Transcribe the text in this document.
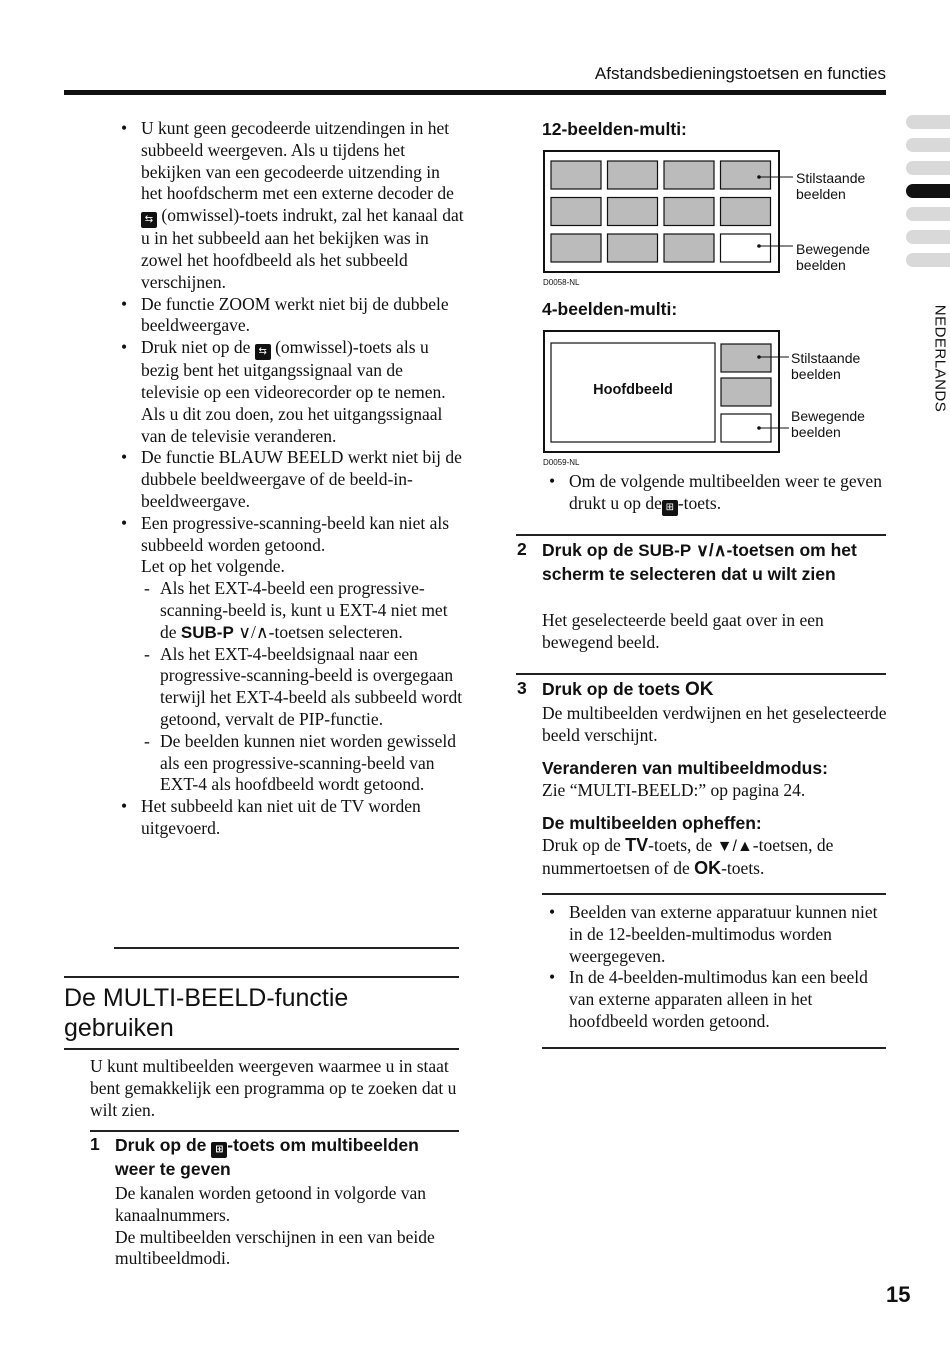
Afstandsbedieningstoetsen en functies
NEDERLANDS
• U kunt geen gecodeerde uitzendingen in het subbeeld weergeven. Als u tijdens het bekijken van een gecodeerde uitzending in het hoofdscherm met een externe decoder de ⇆ (omwissel)-toets indrukt, zal het kanaal dat u in het subbeeld aan het bekijken was in zowel het hoofdbeeld als het subbeeld verschijnen.
• De functie ZOOM werkt niet bij de dubbele beeldweergave.
• Druk niet op de ⇆ (omwissel)-toets als u bezig bent het uitgangssignaal van de televisie op een videorecorder op te nemen. Als u dit zou doen, zou het uitgangssignaal van de televisie veranderen.
• De functie BLAUW BEELD werkt niet bij de dubbele beeldweergave of de beeld-in-beeldweergave.
• Een progressive-scanning-beeld kan niet als subbeeld worden getoond.
Let op het volgende.
- Als het EXT-4-beeld een progressive-scanning-beeld is, kunt u EXT-4 niet met de SUB-P ∨/∧-toetsen selecteren.
- Als het EXT-4-beeldsignaal naar een progressive-scanning-beeld is overgegaan terwijl het EXT-4-beeld als subbeeld wordt getoond, vervalt de PIP-functie.
- De beelden kunnen niet worden gewisseld als een progressive-scanning-beeld van EXT-4 als hoofdbeeld wordt getoond.
• Het subbeeld kan niet uit de TV worden uitgevoerd.
De MULTI-BEELD-functie gebruiken
U kunt multibeelden weergeven waarmee u in staat bent gemakkelijk een programma op te zoeken dat u wilt zien.
1 Druk op de ⊞ -toets om multibeelden weer te geven
De kanalen worden getoond in volgorde van kanaalnummers.
De multibeelden verschijnen in een van beide multibeeldmodi.
12-beelden-multi:
Stilstaande beelden
Bewegende beelden
D0058-NL
4-beelden-multi:
Hoofdbeeld
Stilstaande beelden
Bewegende beelden
D0059-NL
• Om de volgende multibeelden weer te geven drukt u op de ⊞ -toets.
2 Druk op de SUB-P ∨/∧-toetsen om het scherm te selecteren dat u wilt zien
Het geselecteerde beeld gaat over in een bewegend beeld.
3 Druk op de toets OK
De multibeelden verdwijnen en het geselecteerde beeld verschijnt.
Veranderen van multibeeldmodus:
Zie “MULTI-BEELD:” op pagina 24.
De multibeelden opheffen:
Druk op de TV-toets, de ▼/▲-toetsen, de nummertoetsen of de OK-toets.
• Beelden van externe apparatuur kunnen niet in de 12-beelden-multimodus worden weergegeven.
• In de 4-beelden-multimodus kan een beeld van externe apparaten alleen in het hoofdbeeld worden getoond.
15
